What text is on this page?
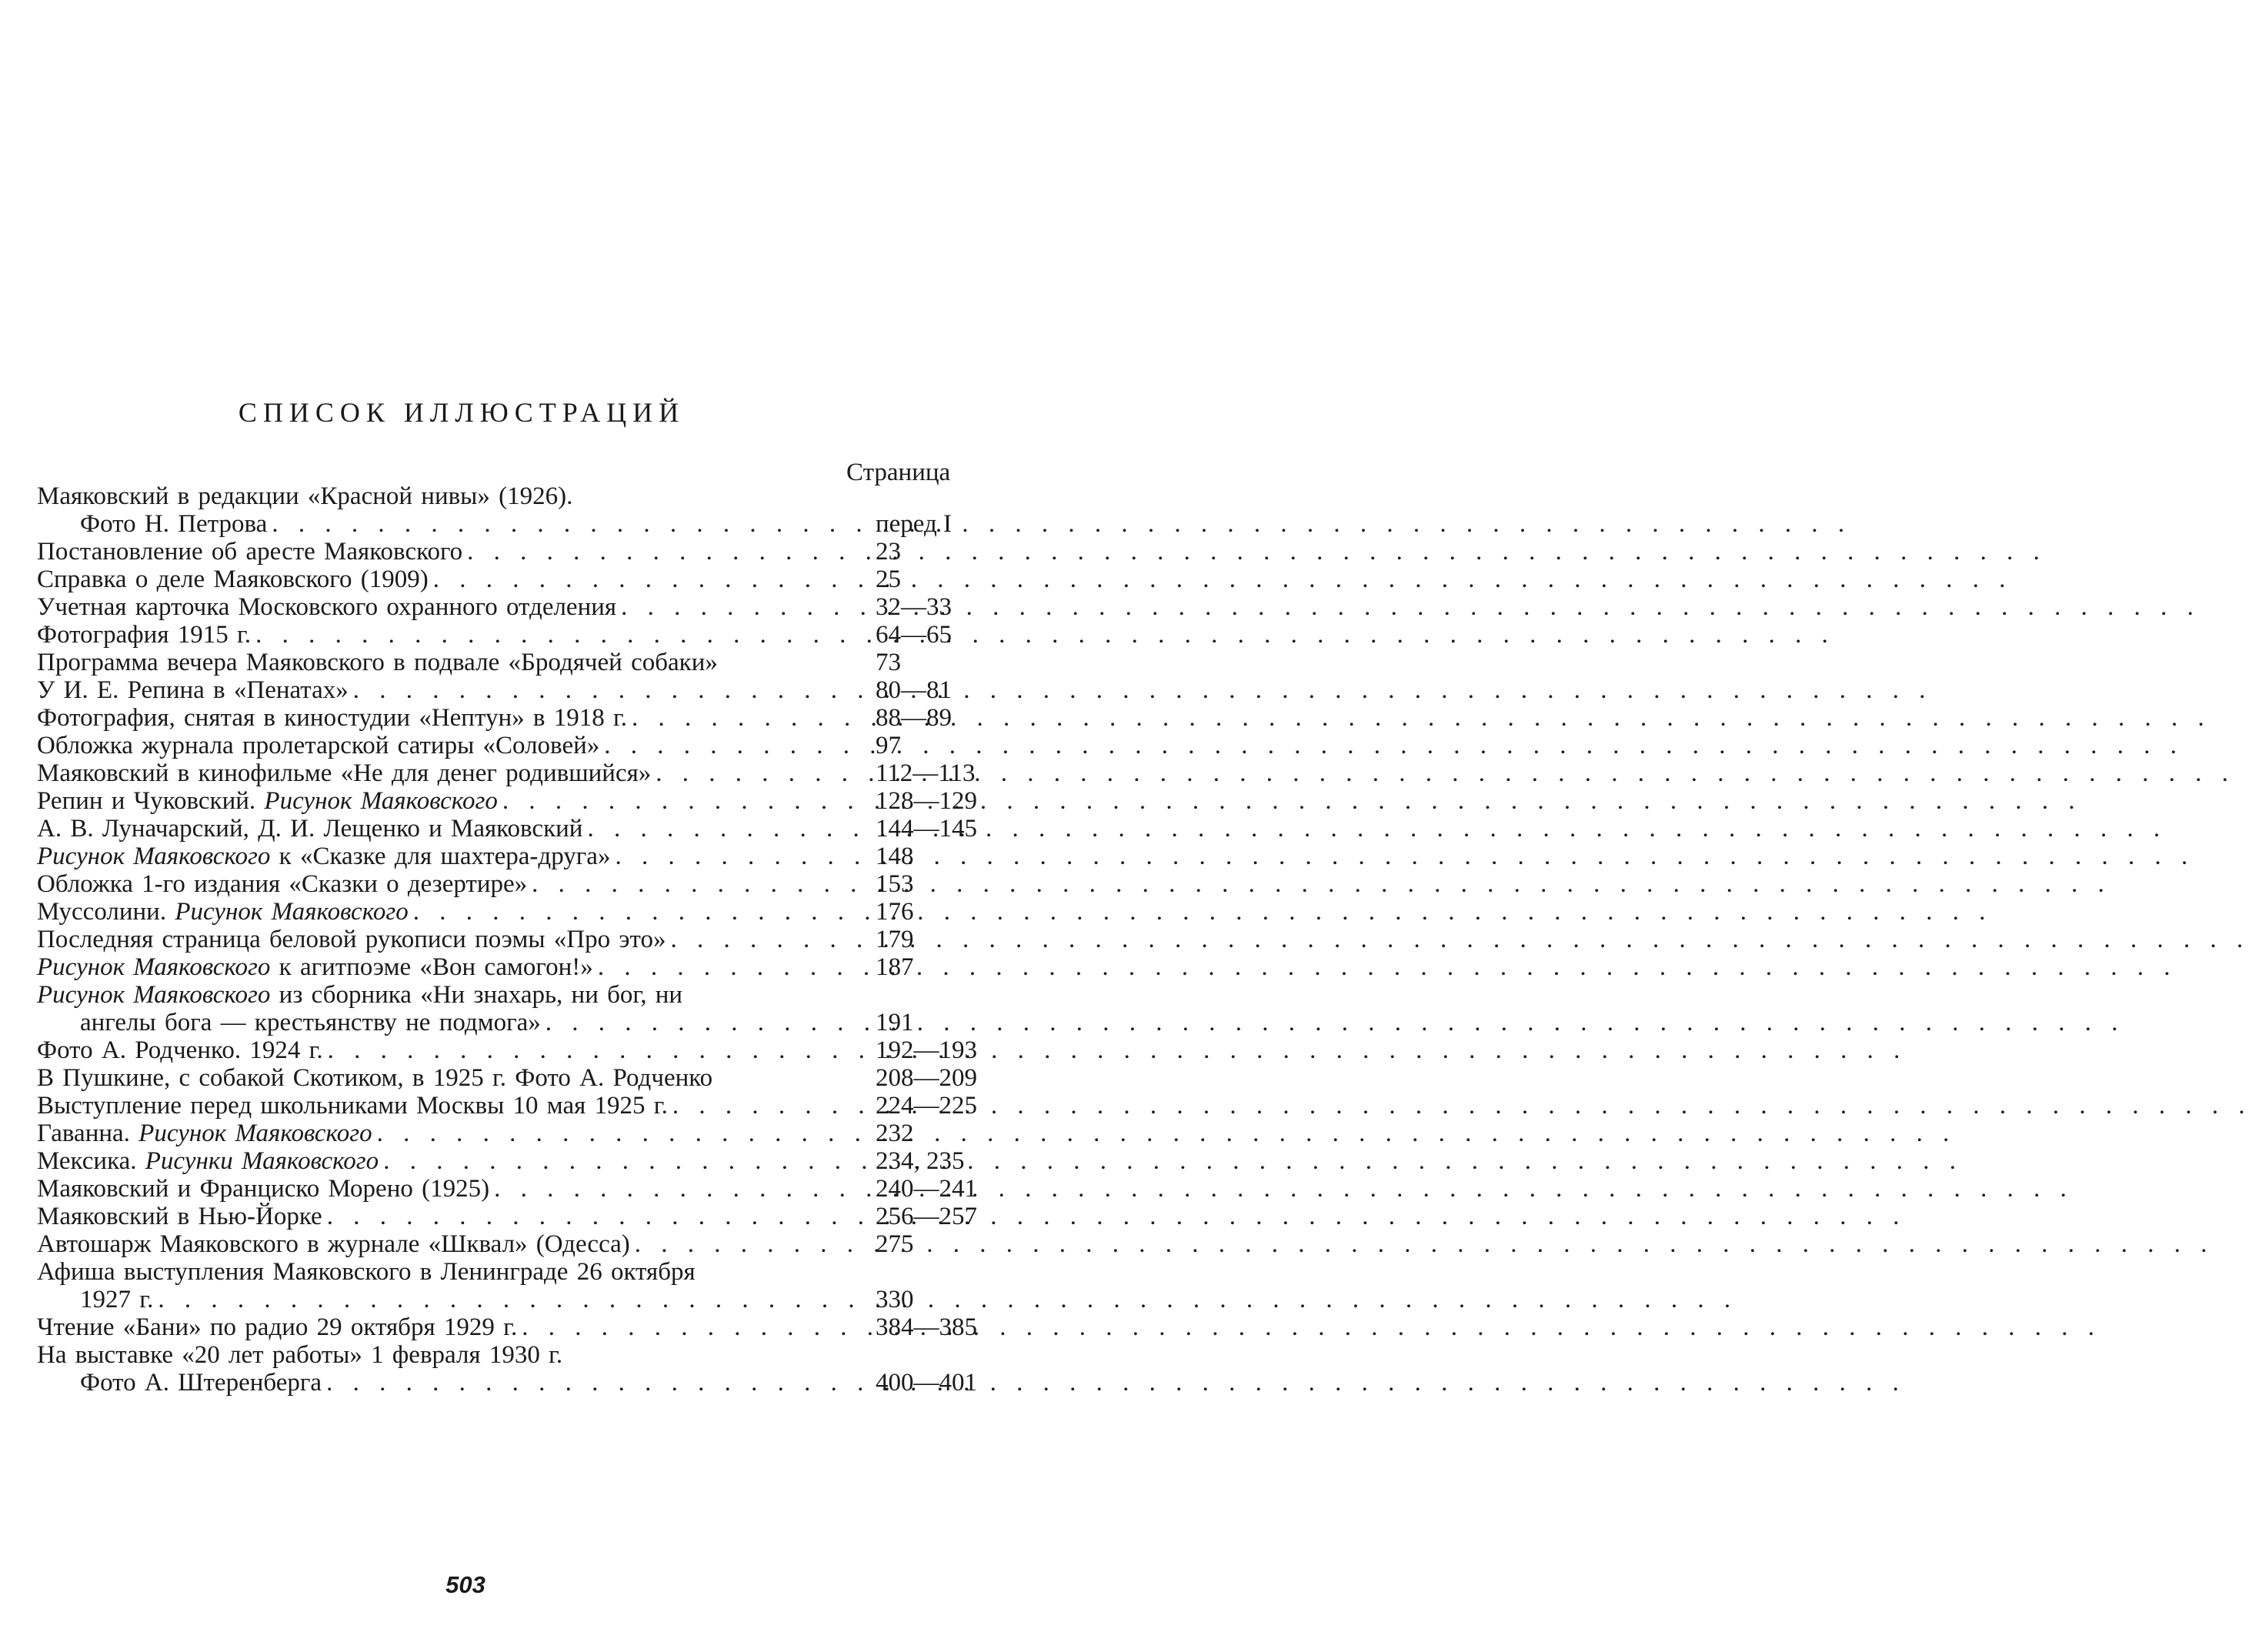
СПИСОК ИЛЛЮСТРАЦИЙ
Страница
Маяковский в редакции «Красной нивы» (1926).
Фото Н. Петрова . . .	перед I
Постановление об аресте Маяковского . . .	23
Справка о деле Маяковского (1909) . . .	25
Учетная карточка Московского охранного отделения . . .	32—33
Фотография 1915 г. . . .	64—65
Программа вечера Маяковского в подвале «Бродячей собаки»	73
У И. Е. Репина в «Пенатах» . . .	80—81
Фотография, снятая в киностудии «Нептун» в 1918 г. . . .	88—89
Обложка журнала пролетарской сатиры «Соловей» . . .	97
Маяковский в кинофильме «Не для денег родившийся» . . .	112—113
Репин и Чуковский. Рисунок Маяковского . . .	128—129
А. В. Луначарский, Д. И. Лещенко и Маяковский . . .	144—145
Рисунок Маяковского к «Сказке для шахтера-друга» . . .	148
Обложка 1-го издания «Сказки о дезертире» . . .	153
Муссолини. Рисунок Маяковского . . .	176
Последняя страница беловой рукописи поэмы «Про это» . . .	179
Рисунок Маяковского к агитпоэме «Вон самогон!» . . .	187
Рисунок Маяковского из сборника «Ни знахарь, ни бог, ни
ангелы бога — крестьянству не подмога» . . .	191
Фото А. Родченко. 1924 г. . . .	192—193
В Пушкине, с собакой Скотиком, в 1925 г. Фото А. Родченко	208—209
Выступление перед школьниками Москвы 10 мая 1925 г. . . .	224—225
Гаванна. Рисунок Маяковского . . .	232
Мексика. Рисунки Маяковского . . .	234, 235
Маяковский и Франциско Морено (1925) . . .	240—241
Маяковский в Нью-Йорке . . .	256—257
Автошарж Маяковского в журнале «Шквал» (Одесса) . . .	275
Афиша выступления Маяковского в Ленинграде 26 октября
1927 г. . . .	330
Чтение «Бани» по радио 29 октября 1929 г. . . .	384—385
На выставке «20 лет работы» 1 февраля 1930 г.
Фото А. Штеренберга . . .	400—401
503
